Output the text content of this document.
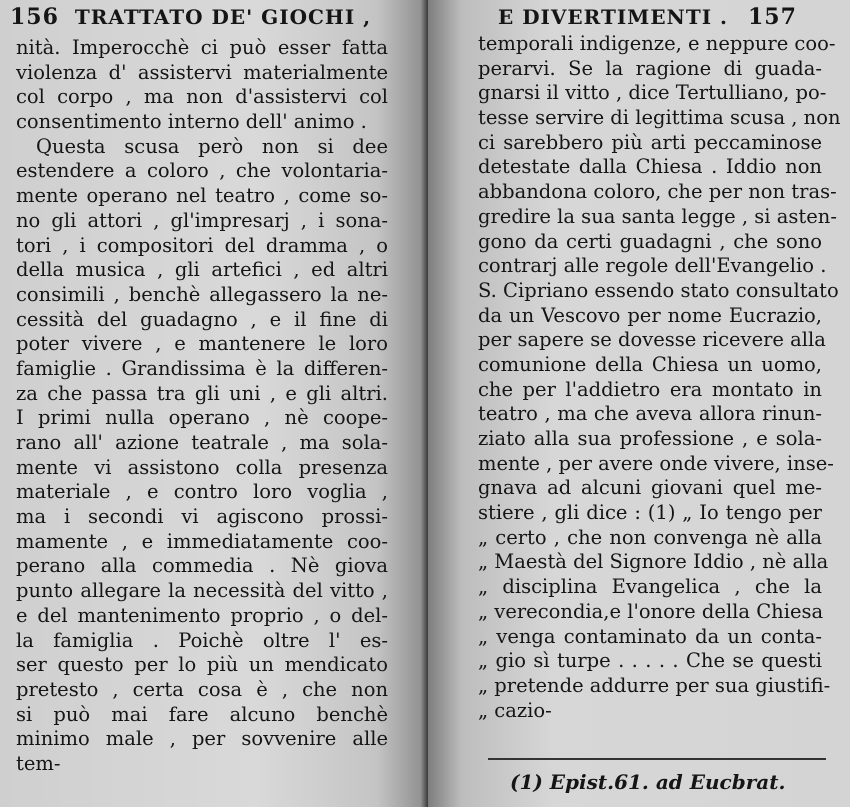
156 TRATTATO DE' GIOCHI ,	E DIVERTIMENTI . 157
(1) Epist.61. ad Eucbrat.
nità. Imperocchè ci può esser fatta
violenza d' assistervi materialmente
col corpo , ma non d'assistervi col
consentimento interno dell' animo .
Questa scusa però non si dee
estendere a coloro , che volontaria-
mente operano nel teatro , come so-
no gli attori , gl'impresarj , i sona-
tori , i compositori del dramma , o
della musica , gli artefici , ed altri
consimili , benchè allegassero la ne-
cessità del guadagno , e il fine di
poter vivere , e mantenere le loro
famiglie . Grandissima è la differen-
za che passa tra gli uni , e gli altri.
I primi nulla operano , nè coope-
rano all' azione teatrale , ma sola-
mente vi assistono colla presenza
materiale , e contro loro voglia ,
ma i secondi vi agiscono prossi-
mamente , e immediatamente coo-
perano alla commedia . Nè giova
punto allegare la necessità del vitto ,
e del mantenimento proprio , o del-
la famiglia . Poichè oltre l' es-
ser questo per lo più un mendicato
pretesto , certa cosa è , che non
si può mai fare alcuno benchè
minimo male , per sovvenire alle
tem-
temporali indigenze, e neppure coo-
perarvi. Se la ragione di guada-
gnarsi il vitto , dice Tertulliano, po-
tesse servire di legittima scusa , non
ci sarebbero più arti peccaminose
detestate dalla Chiesa . Iddio non
abbandona coloro, che per non tras-
gredire la sua santa legge , si asten-
gono da certi guadagni , che sono
contrarj alle regole dell'Evangelio .
S. Cipriano essendo stato consultato
da un Vescovo per nome Eucrazio,
per sapere se dovesse ricevere alla
comunione della Chiesa un uomo,
che per l'addietro era montato in
teatro , ma che aveva allora rinun-
ziato alla sua professione , e sola-
mente , per avere onde vivere, inse-
gnava ad alcuni giovani quel me-
stiere , gli dice : (1) „ Io tengo per
„ certo , che non convenga nè alla
„ Maestà del Signore Iddio , nè alla
„ disciplina Evangelica , che la
„ verecondia,e l'onore della Chiesa
„ venga contaminato da un conta-
„ gio sì turpe . . . . . Che se questi
„ pretende addurre per sua giustifi-
„ cazio-
